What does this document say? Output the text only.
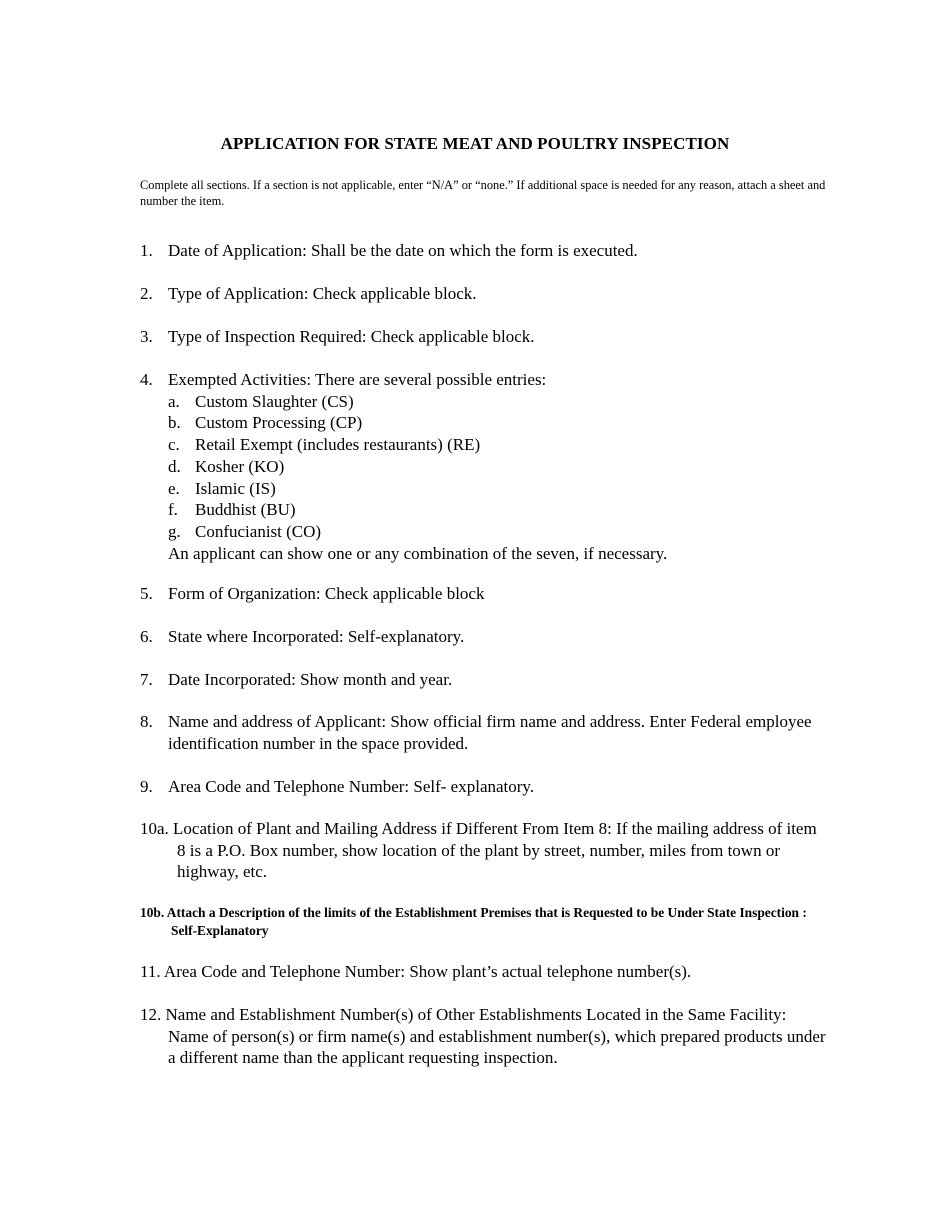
APPLICATION FOR STATE MEAT AND POULTRY INSPECTION
Complete all sections. If a section is not applicable, enter “N/A” or “none.” If additional space is needed for any reason, attach a sheet and number the item.
1. Date of Application: Shall be the date on which the form is executed.
2. Type of Application: Check applicable block.
3. Type of Inspection Required: Check applicable block.
4. Exempted Activities: There are several possible entries:
a. Custom Slaughter (CS)
b. Custom Processing (CP)
c. Retail Exempt (includes restaurants) (RE)
d. Kosher (KO)
e. Islamic (IS)
f. Buddhist (BU)
g. Confucianist (CO)
An applicant can show one or any combination of the seven, if necessary.
5. Form of Organization: Check applicable block
6. State where Incorporated: Self-explanatory.
7. Date Incorporated: Show month and year.
8. Name and address of Applicant: Show official firm name and address. Enter Federal employee identification number in the space provided.
9. Area Code and Telephone Number: Self- explanatory.
10a. Location of Plant and Mailing Address if Different From Item 8: If the mailing address of item 8 is a P.O. Box number, show location of the plant by street, number, miles from town or highway, etc.
10b. Attach a Description of the limits of the Establishment Premises that is Requested to be Under State Inspection : Self-Explanatory
11. Area Code and Telephone Number: Show plant’s actual telephone number(s).
12. Name and Establishment Number(s) of Other Establishments Located in the Same Facility: Name of person(s) or firm name(s) and establishment number(s), which prepared products under a different name than the applicant requesting inspection.
